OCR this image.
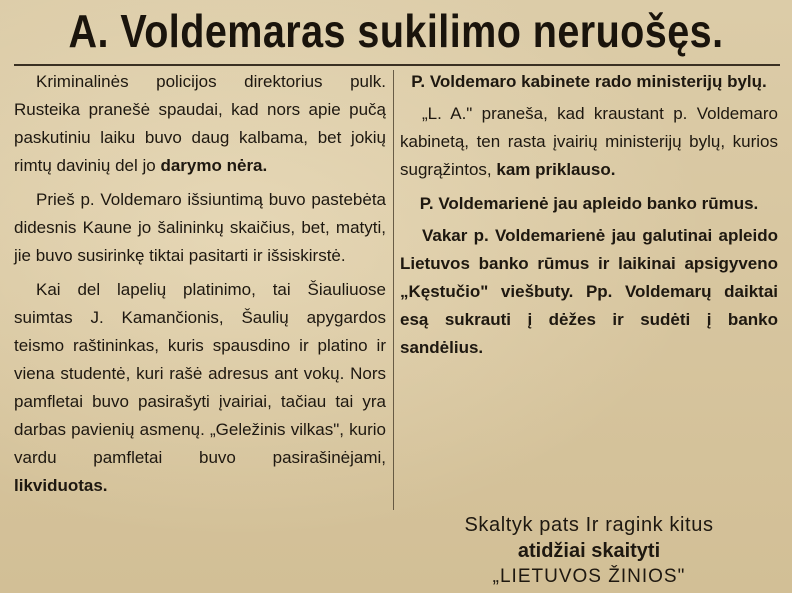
A. Voldemaras sukilimo neruošęs.

Kriminalinės policijos direktorius pulk. Rusteika pranešė spaudai, kad nors apie pučą paskutiniu laiku buvo daug kalbama, bet jokių rimtų davinių del jo darymo nėra.

Prieš p. Voldemaro išsiuntimą buvo pastebėta didesnis Kaune jo šalininkų skaičius, bet, matyti, jie buvo susirinkę tiktai pasitarti ir išsiskirstė.

Kai del lapelių platinimo, tai Šiauliuose suimtas J. Kamančionis, Šaulių apygardos teismo raštininkas, kuris spausdino ir platino ir viena studentė, kuri rašė adresus ant vokų. Nors pamfletai buvo pasirašyti įvairiai, tačiau tai yra darbas pavienių asmenų. „Geležinis vilkas", kurio vardu pamfletai buvo pasirašinėjami, likviduotas.

P. Voldemaro kabinete rado ministerijų bylų.

„L. A." praneša, kad kraustant p. Voldemaro kabinetą, ten rasta įvairių ministerijų bylų, kurios sugrąžintos, kam priklauso.

P. Voldemarienė jau apleido banko rūmus.

Vakar p. Voldemarienė jau galutinai apleido Lietuvos banko rūmus ir laikinai apsigyveno „Kęstučio" viešbuty. Pp. Voldemarų daiktai esą sukrauti į dėžes ir sudėti į banko sandėlius.

Skaltyk pats Ir ragink kitus
atidžiai skaityti
„LIETUVOS ŽINIOS"
